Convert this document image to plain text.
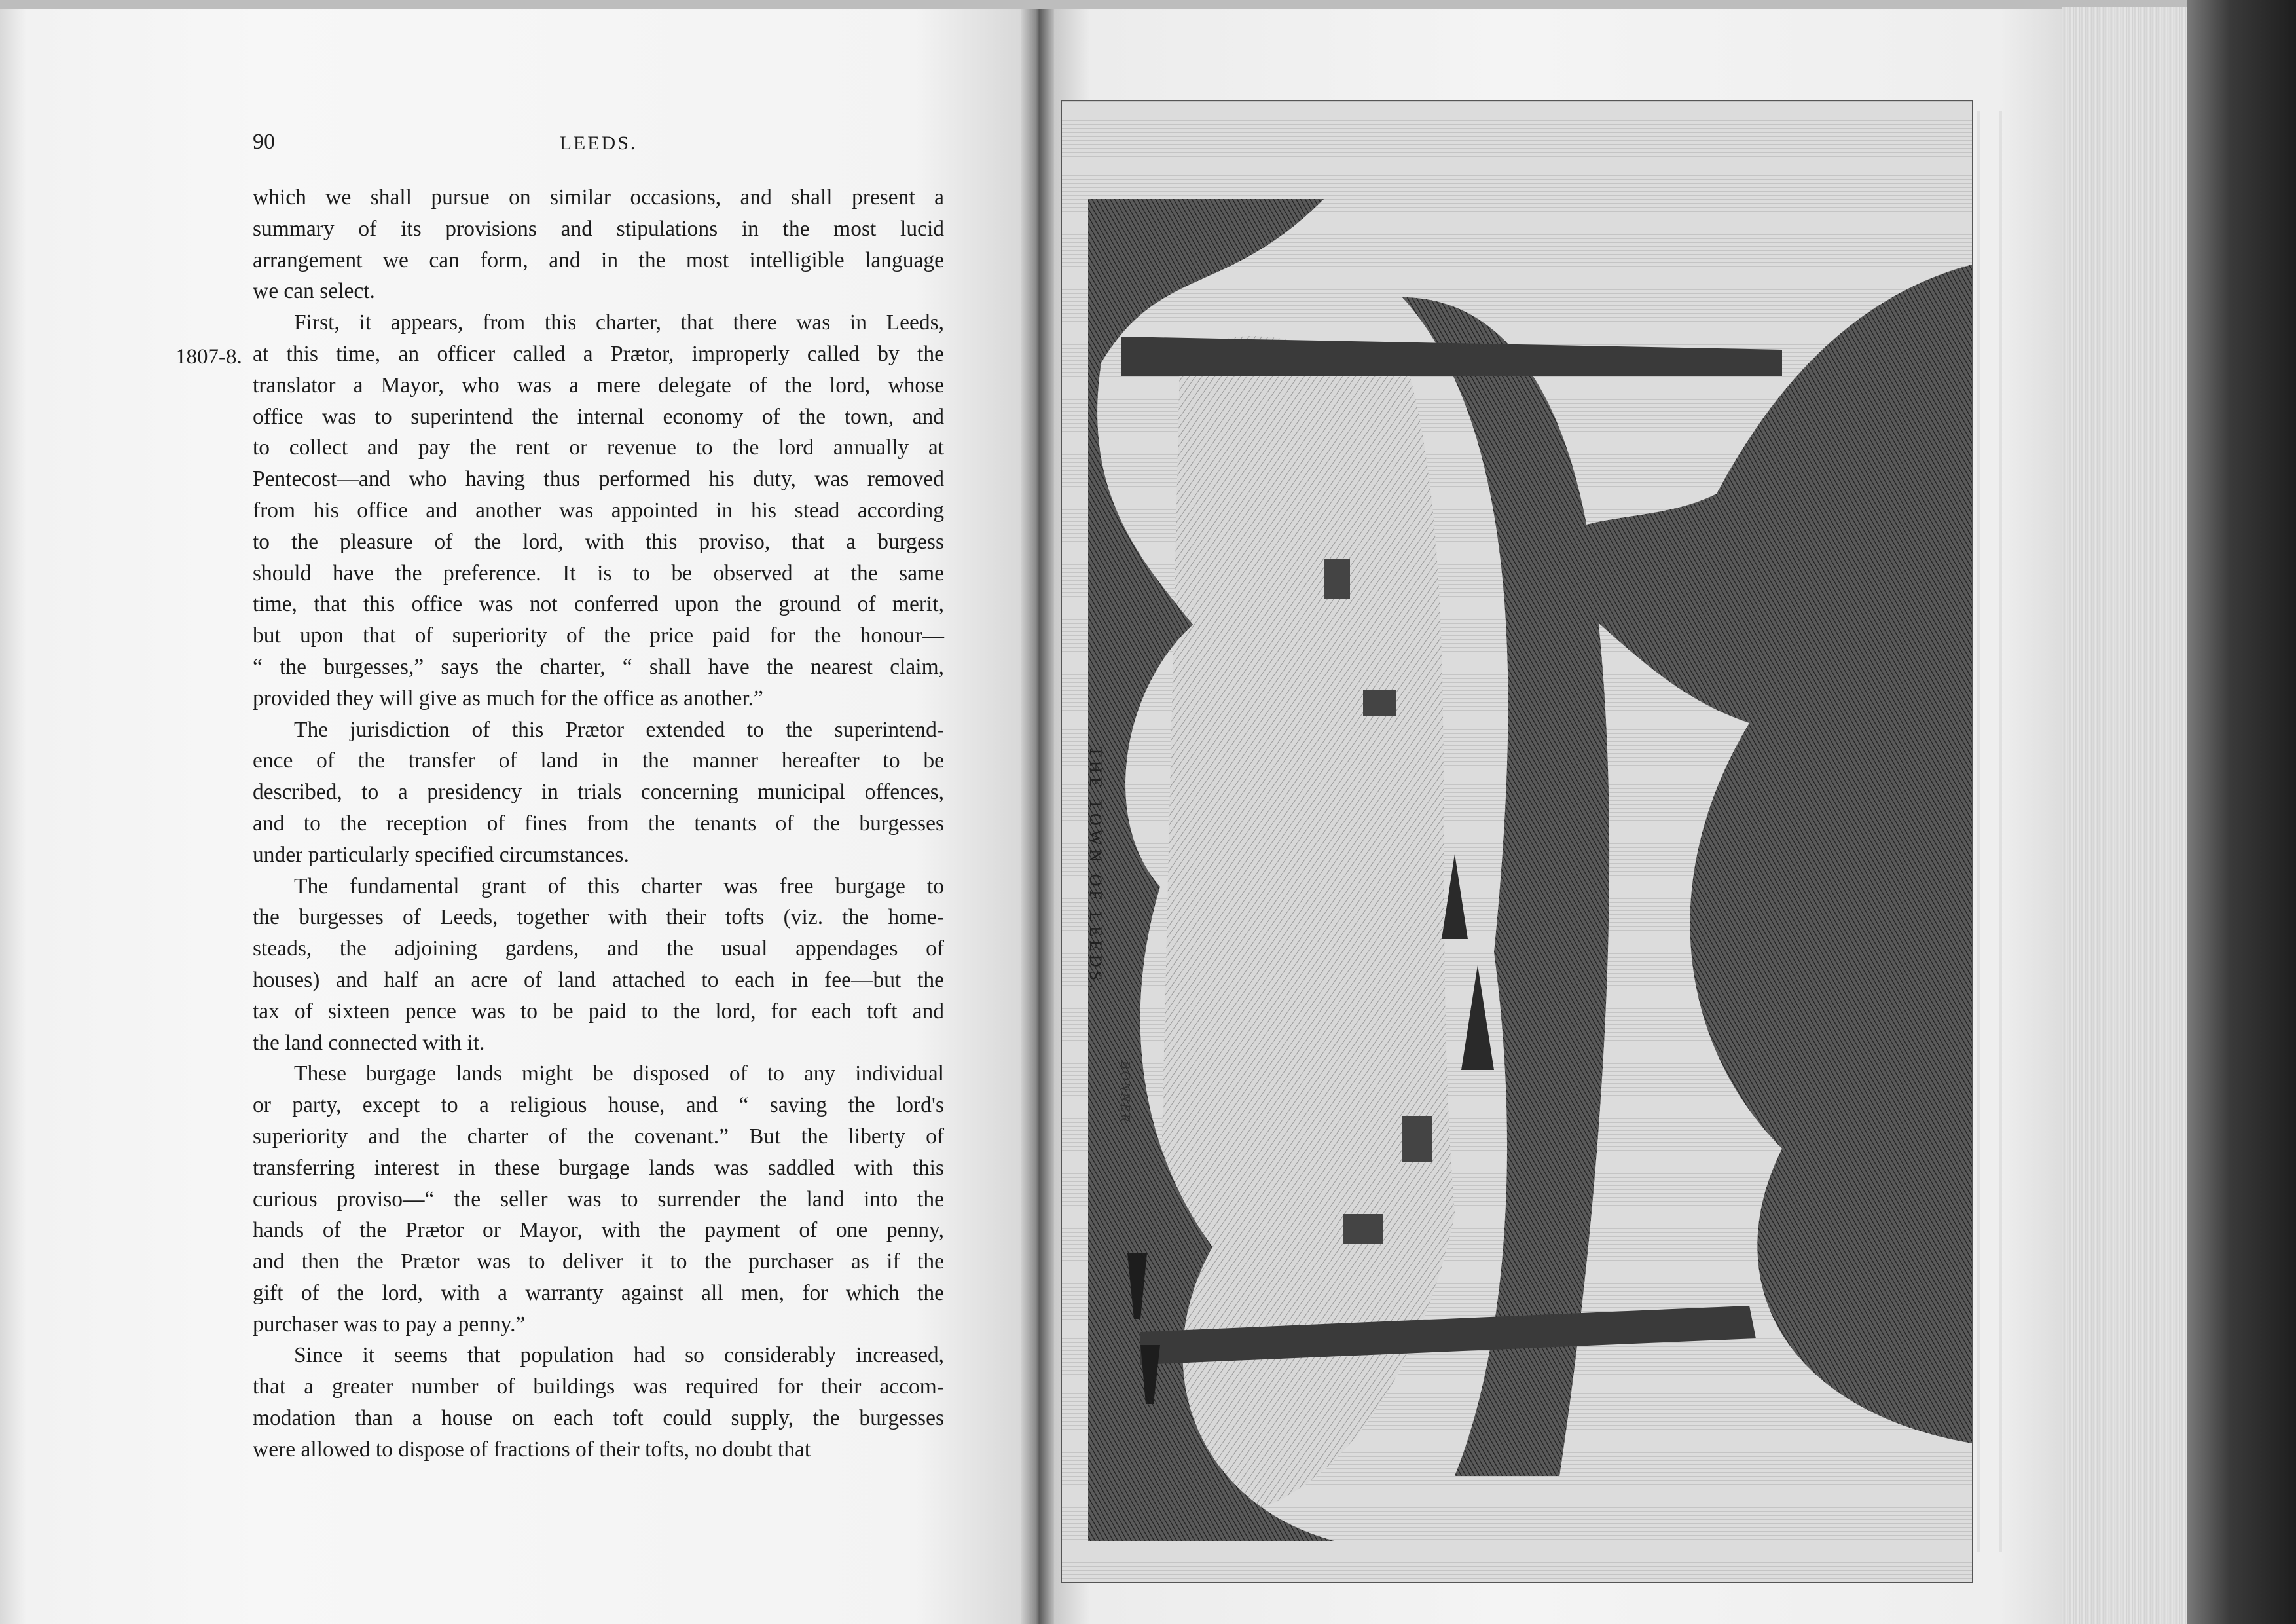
90	LEEDS.
1807-8.
which we shall pursue on similar occasions, and shall present a
summary of its provisions and stipulations in the most lucid
arrangement we can form, and in the most intelligible language
we can select.
First, it appears, from this charter, that there was in Leeds,
at this time, an officer called a Prætor, improperly called by the
translator a Mayor, who was a mere delegate of the lord, whose
office was to superintend the internal economy of the town, and
to collect and pay the rent or revenue to the lord annually at
Pentecost—and who having thus performed his duty, was removed
from his office and another was appointed in his stead according
to the pleasure of the lord, with this proviso, that a burgess
should have the preference. It is to be observed at the same
time, that this office was not conferred upon the ground of merit,
but upon that of superiority of the price paid for the honour—
“ the burgesses,” says the charter, “ shall have the nearest claim,
provided they will give as much for the office as another.”
The jurisdiction of this Prætor extended to the superintend-
ence of the transfer of land in the manner hereafter to be
described, to a presidency in trials concerning municipal offences,
and to the reception of fines from the tenants of the burgesses
under particularly specified circumstances.
The fundamental grant of this charter was free burgage to
the burgesses of Leeds, together with their tofts (viz. the home-
steads, the adjoining gardens, and the usual appendages of
houses) and half an acre of land attached to each in fee—but the
tax of sixteen pence was to be paid to the lord, for each toft and
the land connected with it.
These burgage lands might be disposed of to any individual
or party, except to a religious house, and “ saving the lord's
superiority and the charter of the covenant.” But the liberty of
transferring interest in these burgage lands was saddled with this
curious proviso—“ the seller was to surrender the land into the
hands of the Prætor or Mayor, with the payment of one penny,
and then the Prætor was to deliver it to the purchaser as if the
gift of the lord, with a warranty against all men, for which the
purchaser was to pay a penny.”
Since it seems that population had so considerably increased,
that a greater number of buildings was required for their accom-
modation than a house on each toft could supply, the burgesses
were allowed to dispose of fractions of their tofts, no doubt that
THE TOWN OF LEEDS.
BONNER
